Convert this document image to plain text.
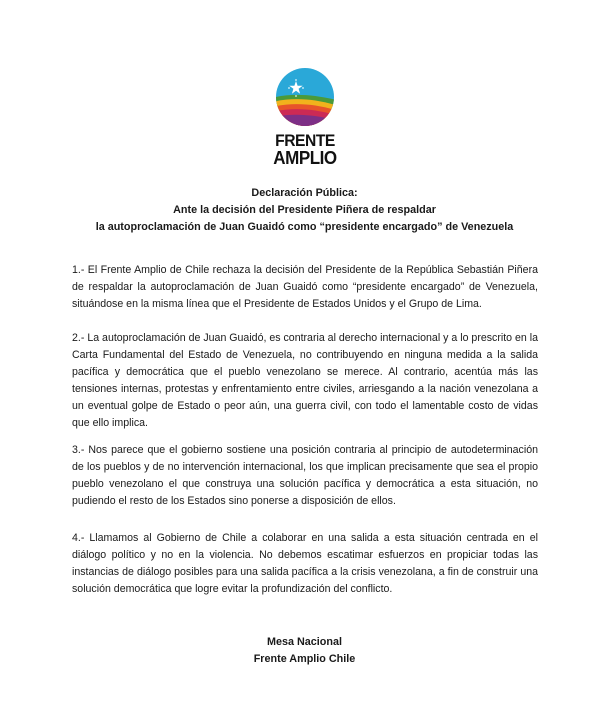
FRENTE
AMPLIO
Declaración Pública:
Ante la decisión del Presidente Piñera de respaldar
la autoproclamación de Juan Guaidó como “presidente encargado” de Venezuela
1.- El Frente Amplio de Chile rechaza la decisión del Presidente de la República Sebastián Piñera de respaldar la autoproclamación de Juan Guaidó como “presidente encargado” de Venezuela, situándose en la misma línea que el Presidente de Estados Unidos y el Grupo de Lima.
2.- La autoproclamación de Juan Guaidó, es contraria al derecho internacional y a lo prescrito en la Carta Fundamental del Estado de Venezuela, no contribuyendo en ninguna medida a la salida pacífica y democrática que el pueblo venezolano se merece. Al contrario, acentúa más las tensiones internas, protestas y enfrentamiento entre civiles, arriesgando a la nación venezolana a un eventual golpe de Estado o peor aún, una guerra civil, con todo el lamentable costo de vidas que ello implica.
3.- Nos parece que el gobierno sostiene una posición contraria al principio de autodeterminación de los pueblos y de no intervención internacional, los que implican precisamente que sea el propio pueblo venezolano el que construya una solución pacífica y democrática a esta situación, no pudiendo el resto de los Estados sino ponerse a disposición de ellos.
4.- Llamamos al Gobierno de Chile a colaborar en una salida a esta situación centrada en el diálogo político y no en la violencia. No debemos escatimar esfuerzos en propiciar todas las instancias de diálogo posibles para una salida pacífica a la crisis venezolana, a fin de construir una solución democrática que logre evitar la profundización del conflicto.
Mesa Nacional
Frente Amplio Chile
